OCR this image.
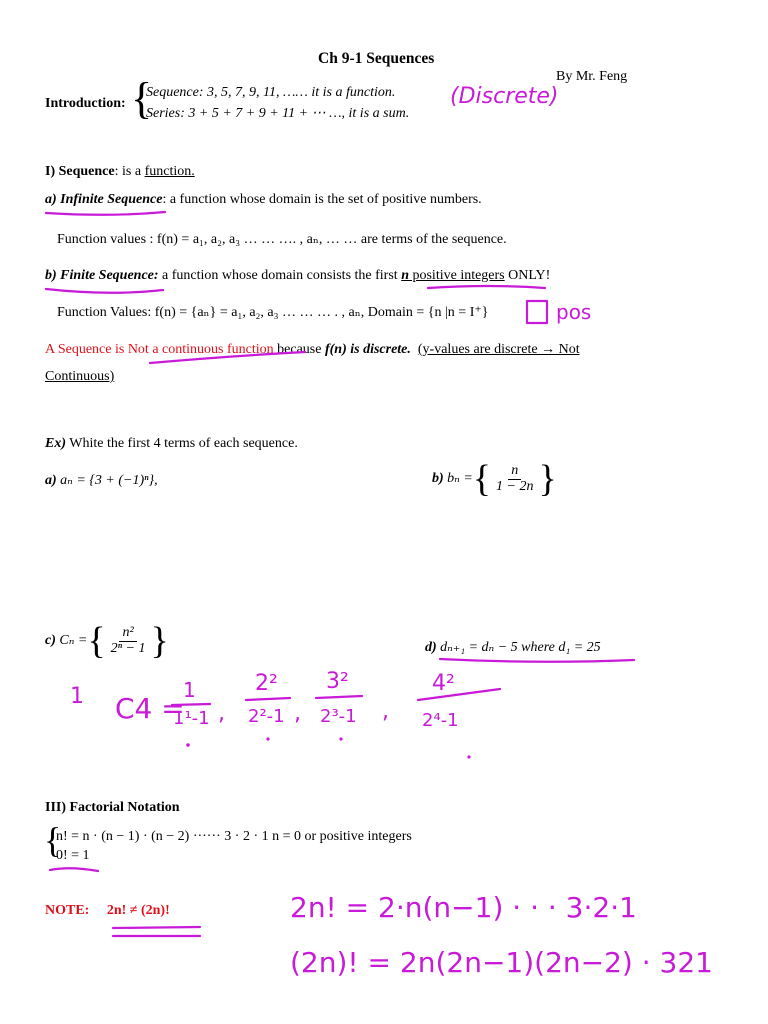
Ch 9-1 Sequences
By Mr. Feng
Introduction: {
Sequence: 3, 5, 7, 9, 11, …… it is a function.
Series: 3 + 5 + 7 + 9 + 11 + ⋯ …, it is a sum.
I) Sequence: is a function.
a) Infinite Sequence: a function whose domain is the set of positive numbers.
Function values : f(n) = a₁, a₂, a₃ … … …. , aₙ, … … are terms of the sequence.
b) Finite Sequence: a function whose domain consists the first n positive integers ONLY!
Function Values: f(n) = {aₙ} = a₁, a₂, a₃ … … … . , aₙ, Domain = {n |n = I⁺}
A Sequence is Not a continuous function because f(n) is discrete. (y-values are discrete → Not
Continuous)
Ex) White the first 4 terms of each sequence.
a) aₙ = {3 + (−1)ⁿ},	b) bₙ ={ $\frac{n}{1 - 2n}$ }
c) Cₙ ={ $\frac{\text{n²}}{\text{2ⁿ − 1}}$ }	d) dₙ₊₁ = dₙ − 5 where d₁ = 25
III) Factorial Notation
{
n! = n · (n − 1) · (n − 2) ······ 3 · 2 · 1 n = 0 or positive integers
0! = 1
NOTE: 2n! ≠ (2n)!
(Discrete)
pos
1 C4 =
1
1¹-1 ,
2²
2²-1 ,
3²
2³-1 ,
4²
2⁴-1
2n! = 2·n(n−1) · · · 3·2·1
(2n)! = 2n(2n−1)(2n−2) · 321
